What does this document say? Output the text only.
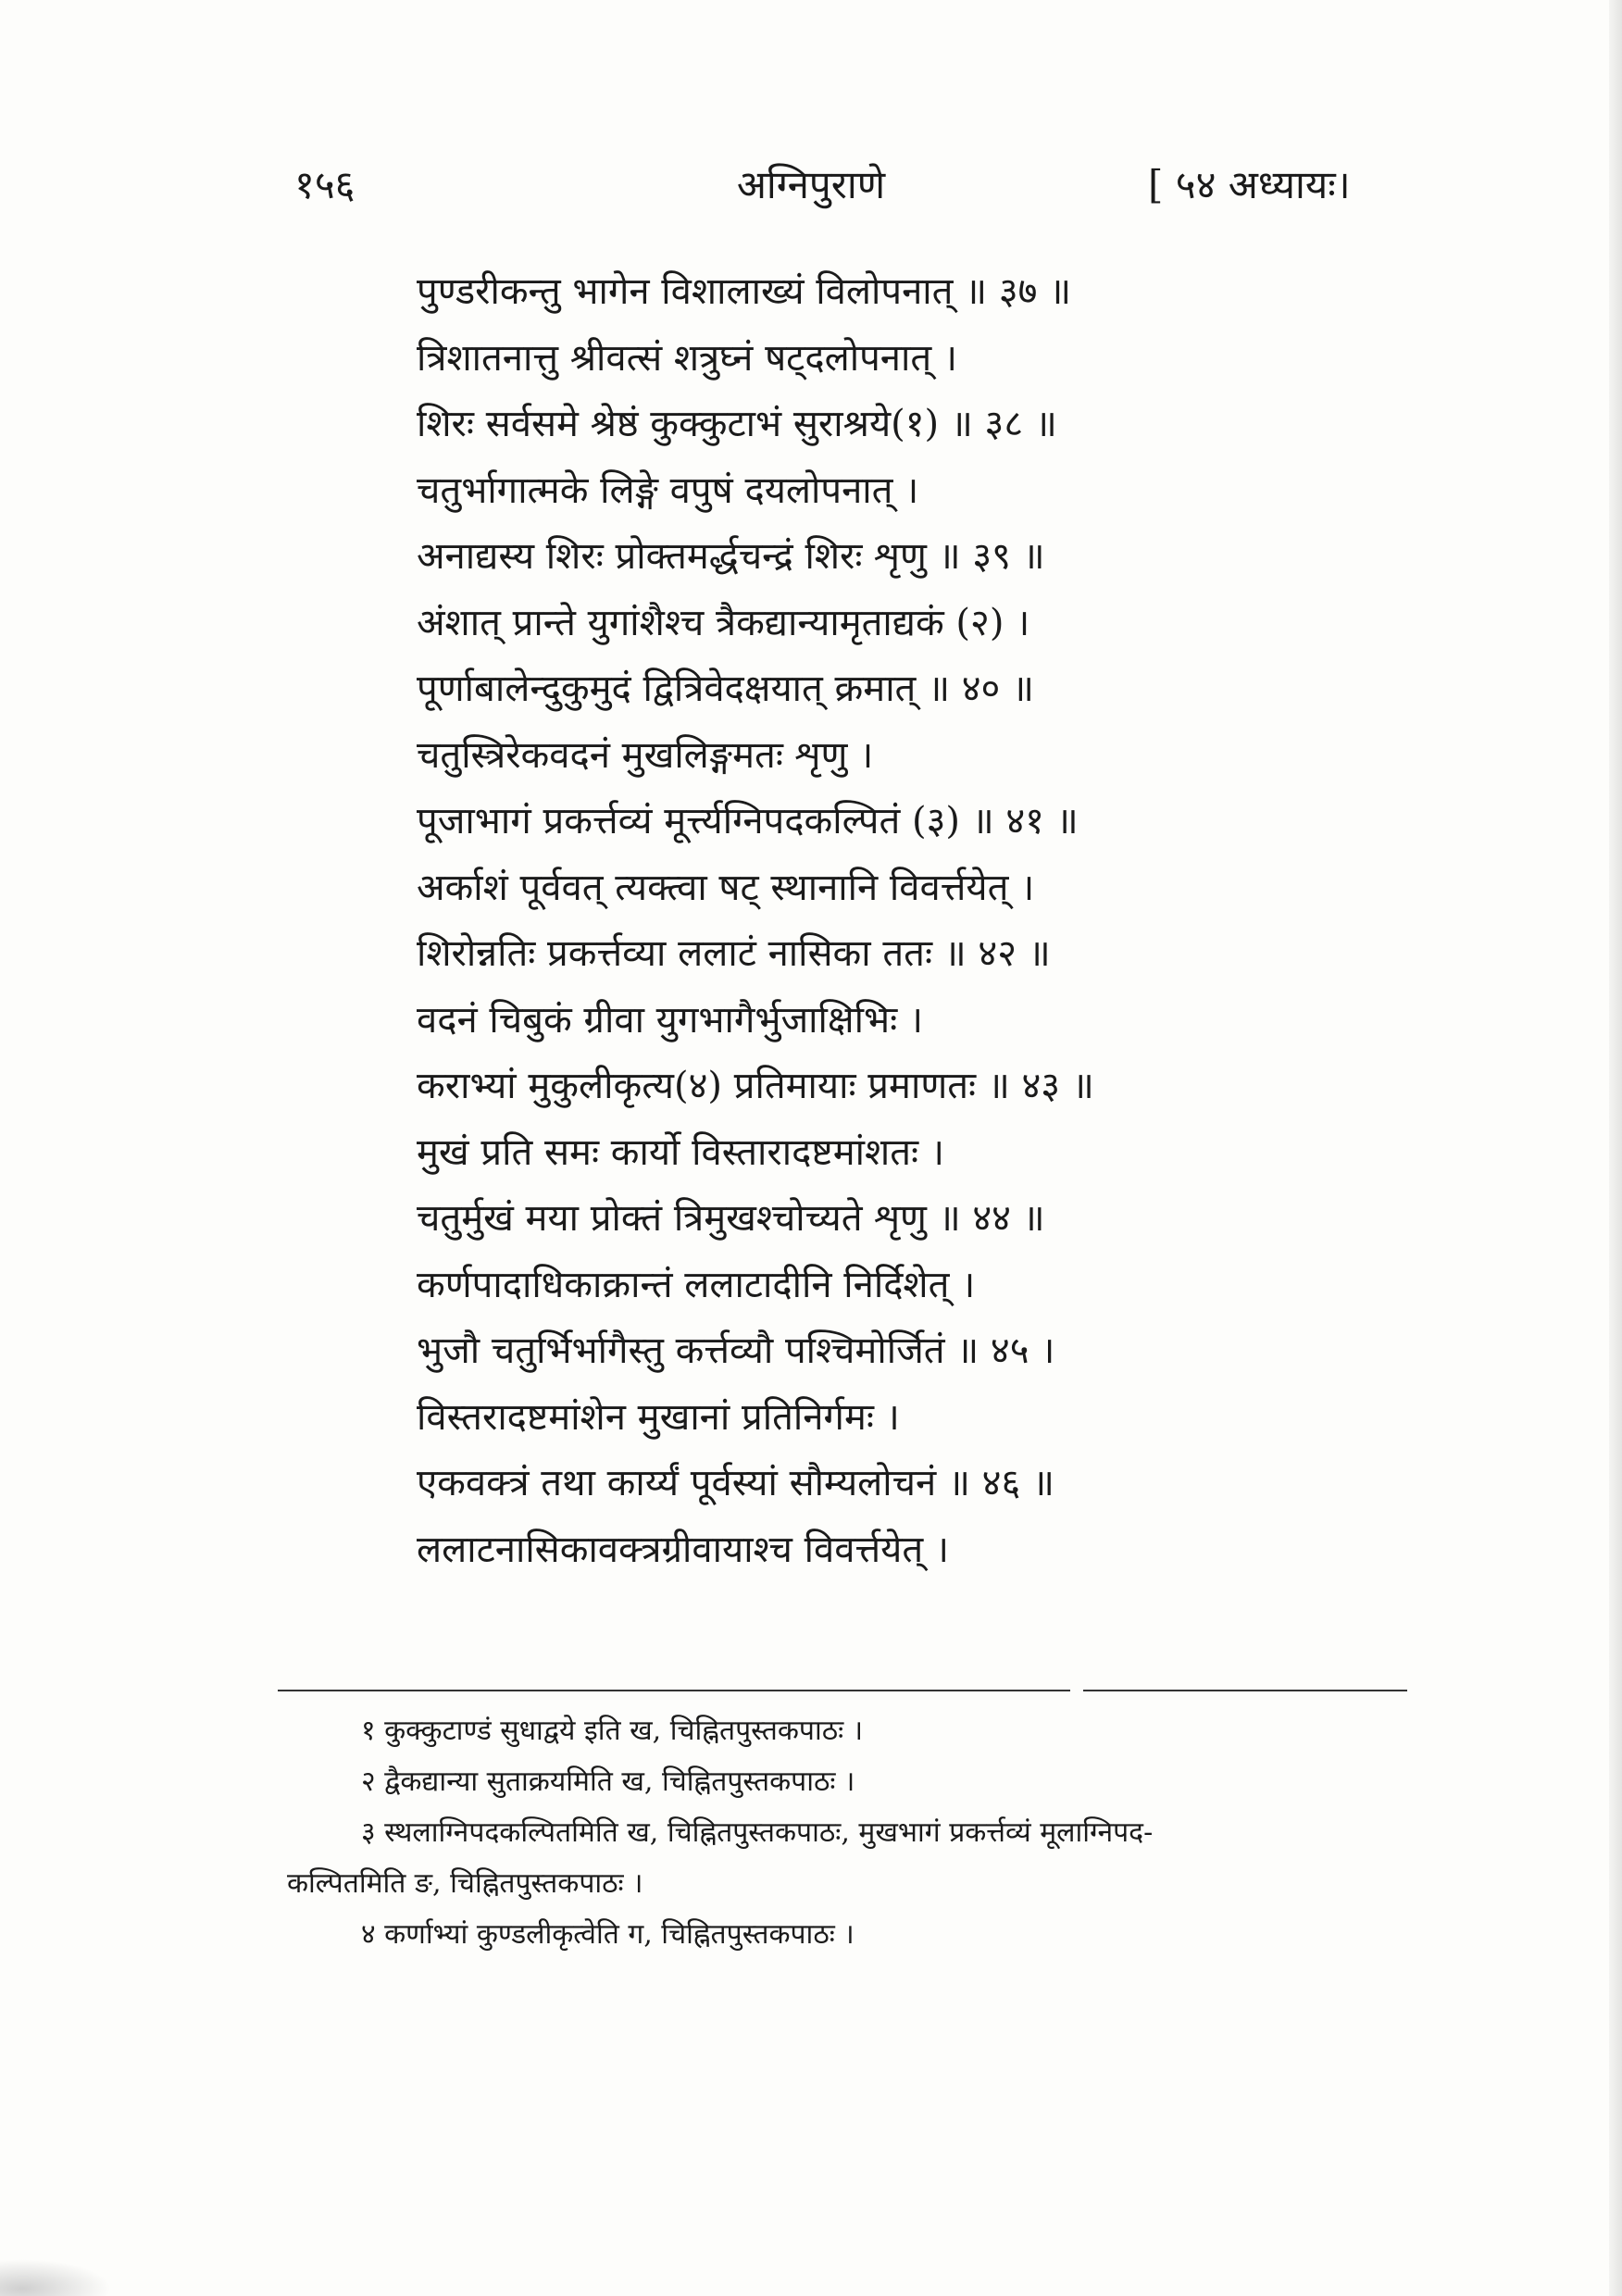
१५६	अग्निपुराणे	[ ५४ अध्यायः।
पुण्डरीकन्तु भागेन विशालाख्यं विलोपनात् ॥ ३७ ॥
त्रिशातनात्तु श्रीवत्सं शत्रुघ्नं षट्दलोपनात् ।
शिरः सर्वसमे श्रेष्ठं कुक्कुटाभं सुराश्रये(१) ॥ ३८ ॥
चतुर्भागात्मके लिङ्गे वपुषं दयलोपनात् ।
अनाद्यस्य शिरः प्रोक्तमर्द्धचन्द्रं शिरः शृणु ॥ ३९ ॥
अंशात् प्रान्ते युगांशैश्च त्रैकद्यान्यामृताद्यकं (२) ।
पूर्णाबालेन्दुकुमुदं द्वित्रिवेदक्षयात् क्रमात् ॥ ४० ॥
चतुस्त्रिरेकवदनं मुखलिङ्गमतः शृणु ।
पूजाभागं प्रकर्त्तव्यं मूर्त्त्यग्निपदकल्पितं (३) ॥ ४१ ॥
अर्काशं पूर्ववत् त्यक्त्वा षट् स्थानानि विवर्त्तयेत् ।
शिरोन्नतिः प्रकर्त्तव्या ललाटं नासिका ततः ॥ ४२ ॥
वदनं चिबुकं ग्रीवा युगभागैर्भुजाक्षिभिः ।
कराभ्यां मुकुलीकृत्य(४) प्रतिमायाः प्रमाणतः ॥ ४३ ॥
मुखं प्रति समः कार्यो विस्तारादष्टमांशतः ।
चतुर्मुखं मया प्रोक्तं त्रिमुखश्चोच्यते शृणु ॥ ४४ ॥
कर्णपादाधिकाक्रान्तं ललाटादीनि निर्दिशेत् ।
भुजौ चतुर्भिर्भागैस्तु कर्त्तव्यौ पश्चिमोर्जितं ॥ ४५ ।
विस्तरादष्टमांशेन मुखानां प्रतिनिर्गमः ।
एकवक्त्रं तथा कार्य्यं पूर्वस्यां सौम्यलोचनं ॥ ४६ ॥
ललाटनासिकावक्त्रग्रीवायाश्च विवर्त्तयेत् ।
१ कुक्कुटाण्डं सुधाद्वये इति ख, चिह्नितपुस्तकपाठः ।
२ द्वैकद्यान्या सुताक्रयमिति ख, चिह्नितपुस्तकपाठः ।
३ स्थलाग्निपदकल्पितमिति ख, चिह्नितपुस्तकपाठः, मुखभागं प्रकर्त्तव्यं मूलाग्निपद-
कल्पितमिति ङ, चिह्नितपुस्तकपाठः ।
४ कर्णाभ्यां कुण्डलीकृत्वेति ग, चिह्नितपुस्तकपाठः ।
